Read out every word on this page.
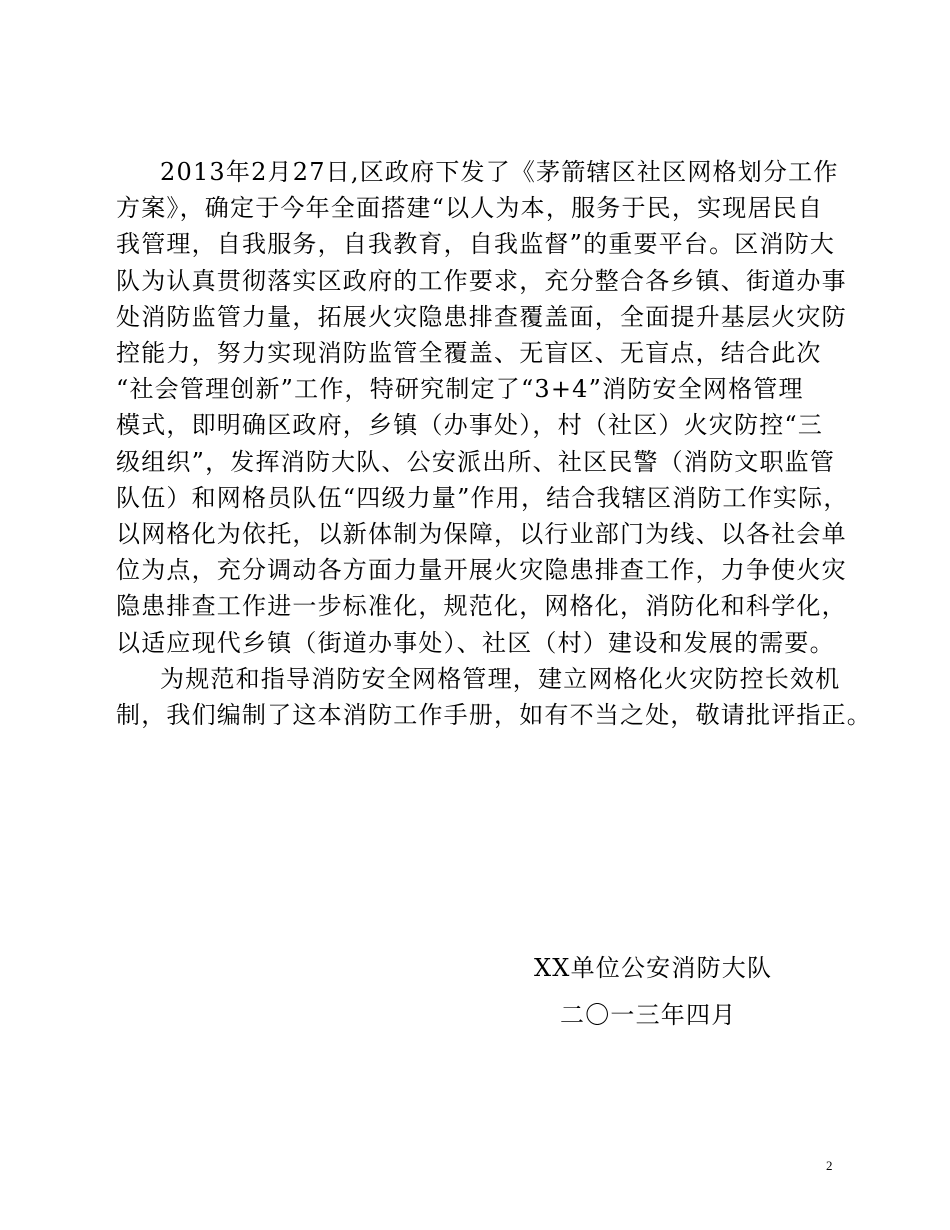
2013年2月27日,区政府下发了《茅箭辖区社区网格划分工作
方案》，确定于今年全面搭建“以人为本，服务于民，实现居民自
我管理，自我服务，自我教育，自我监督”的重要平台。区消防大
队为认真贯彻落实区政府的工作要求，充分整合各乡镇、街道办事
处消防监管力量，拓展火灾隐患排查覆盖面，全面提升基层火灾防
控能力，努力实现消防监管全覆盖、无盲区、无盲点，结合此次
“社会管理创新”工作，特研究制定了“3+4”消防安全网格管理
模式，即明确区政府，乡镇（办事处），村（社区）火灾防控“三
级组织”，发挥消防大队、公安派出所、社区民警（消防文职监管
队伍）和网格员队伍“四级力量”作用，结合我辖区消防工作实际，
以网格化为依托，以新体制为保障，以行业部门为线、以各社会单
位为点，充分调动各方面力量开展火灾隐患排查工作，力争使火灾
隐患排查工作进一步标准化，规范化，网格化，消防化和科学化，
以适应现代乡镇（街道办事处）、社区（村）建设和发展的需要。
为规范和指导消防安全网格管理，建立网格化火灾防控长效机
制，我们编制了这本消防工作手册，如有不当之处，敬请批评指正。
XX单位公安消防大队
二〇一三年四月
2
